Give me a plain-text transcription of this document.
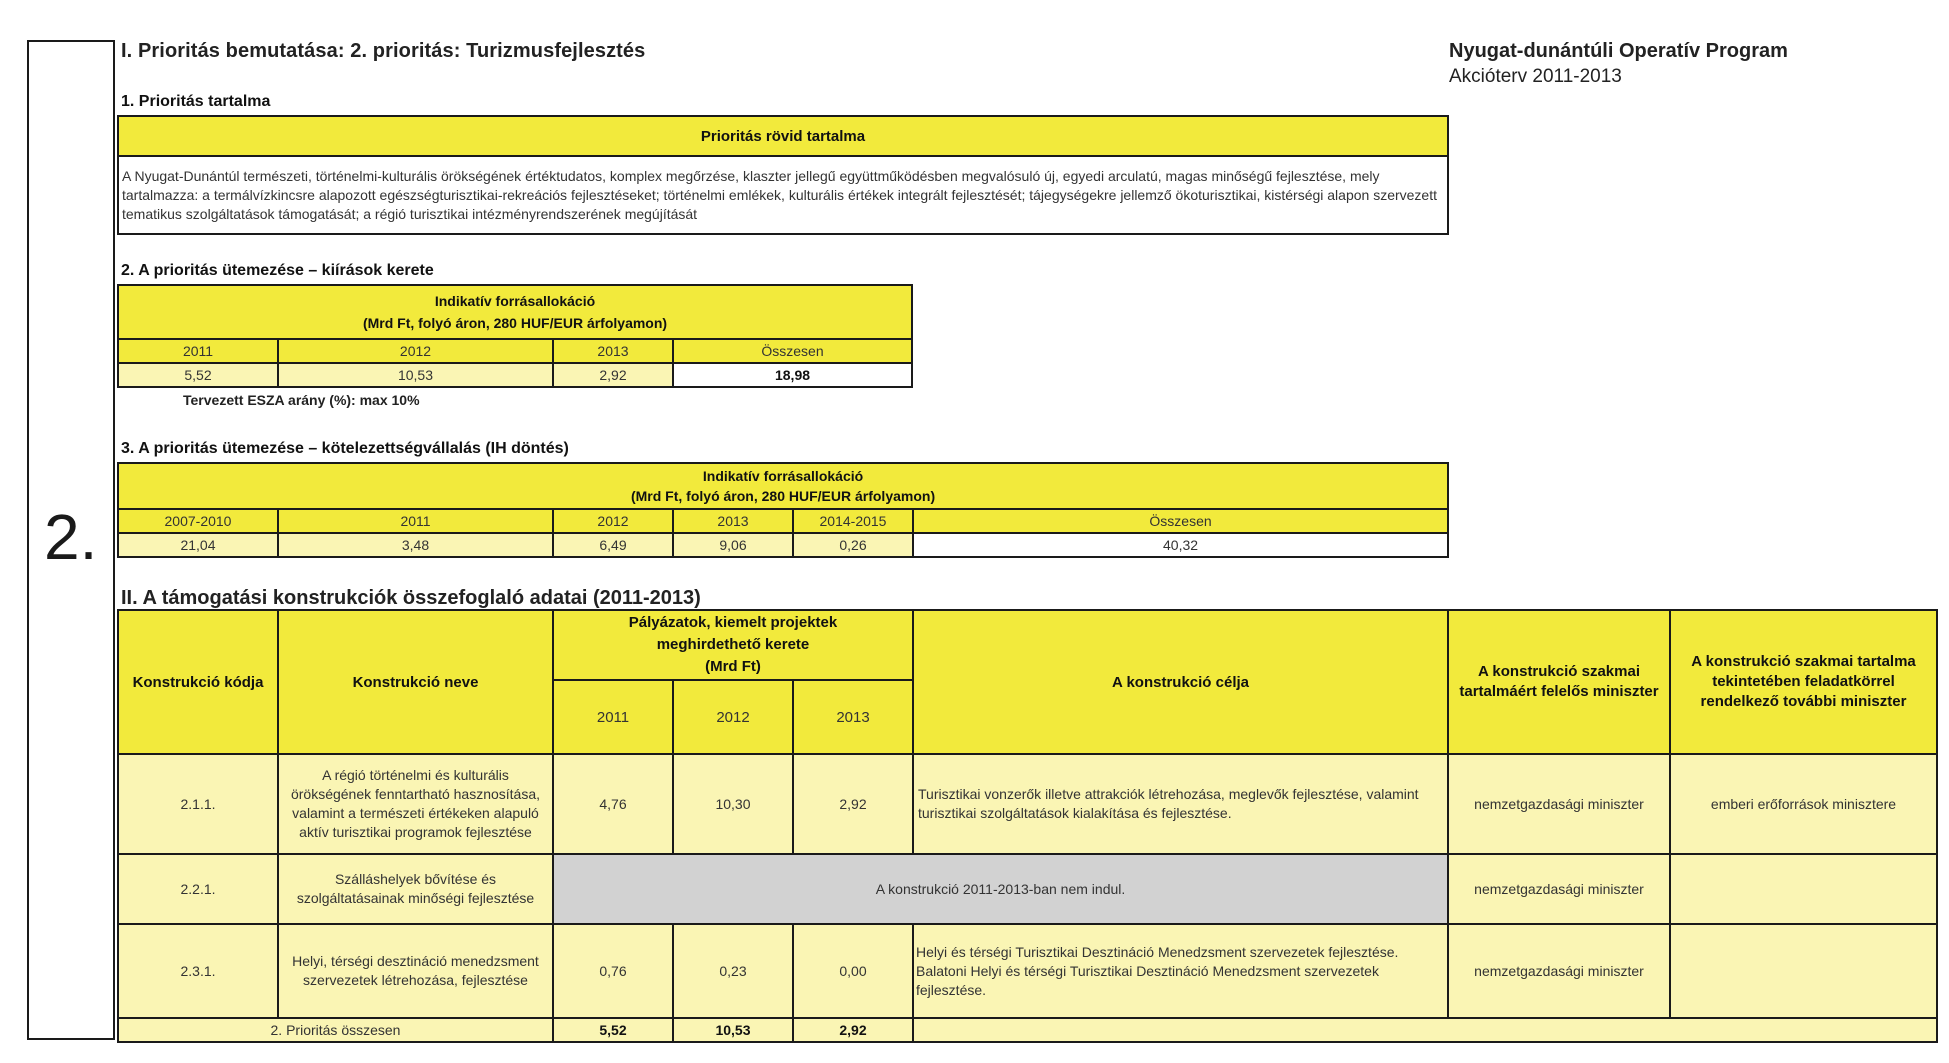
2.
I. Prioritás bemutatása: 2. prioritás: Turizmusfejlesztés	Nyugat-dunántúli Operatív Program
Akcióterv 2011-2013
1. Prioritás tartalma
Prioritás rövid tartalma
A Nyugat-Dunántúl természeti, történelmi-kulturális örökségének értéktudatos, komplex megőrzése, klaszter jellegű együttműködésben megvalósuló új, egyedi arculatú, magas minőségű fejlesztése, mely tartalmazza: a termálvízkincsre alapozott egészségturisztikai-rekreációs fejlesztéseket; történelmi emlékek, kulturális értékek integrált fejlesztését; tájegységekre jellemző ökoturisztikai, kistérségi alapon szervezett tematikus szolgáltatások támogatását; a régió turisztikai intézményrendszerének megújítását
2. A prioritás ütemezése – kiírások kerete
Indikatív forrásallokáció
(Mrd Ft, folyó áron, 280 HUF/EUR árfolyamon)			

2011	2012	2013	Összesen
5,52	10,53	2,92	18,98
Tervezett ESZA arány (%): max 10%
3. A prioritás ütemezése – kötelezettségvállalás (IH döntés)
Indikatív forrásallokáció
(Mrd Ft, folyó áron, 280 HUF/EUR árfolyamon)					

2007-2010	2011	2012	2013	2014-2015	Összesen
21,04	3,48	6,49	9,06	0,26	40,32
II. A támogatási konstrukciók összefoglaló adatai (2011-2013)
Konstrukció kódja	Konstrukció neve	Pályázatok, kiemelt projektek
meghirdethető kerete
(Mrd Ft)			A konstrukció célja	A konstrukció szakmai tartalmáért felelős miniszter	A konstrukció szakmai tartalma tekintetében feladatkörrel rendelkező további miniszter
		2011	2012	2013			
2.1.1.	A régió történelmi és kulturális örökségének fenntartható hasznosítása, valamint a természeti értékeken alapuló aktív turisztikai programok fejlesztése	4,76	10,30	2,92	Turisztikai vonzerők illetve attrakciók létrehozása, meglevők fejlesztése, valamint turisztikai szolgáltatások kialakítása és fejlesztése.	nemzetgazdasági miniszter	emberi erőforrások minisztere
2.2.1.	Szálláshelyek bővítése és szolgáltatásainak minőségi fejlesztése	A konstrukció 2011-2013-ban nem indul.				nemzetgazdasági miniszter	
2.3.1.	Helyi, térségi desztináció menedzsment szervezetek létrehozása, fejlesztése	0,76	0,23	0,00	Helyi és térségi Turisztikai Desztináció Menedzsment szervezetek fejlesztése.
Balatoni Helyi és térségi Turisztikai Desztináció Menedzsment szervezetek fejlesztése.	nemzetgazdasági miniszter	
2. Prioritás összesen		5,52	10,53	2,92			
